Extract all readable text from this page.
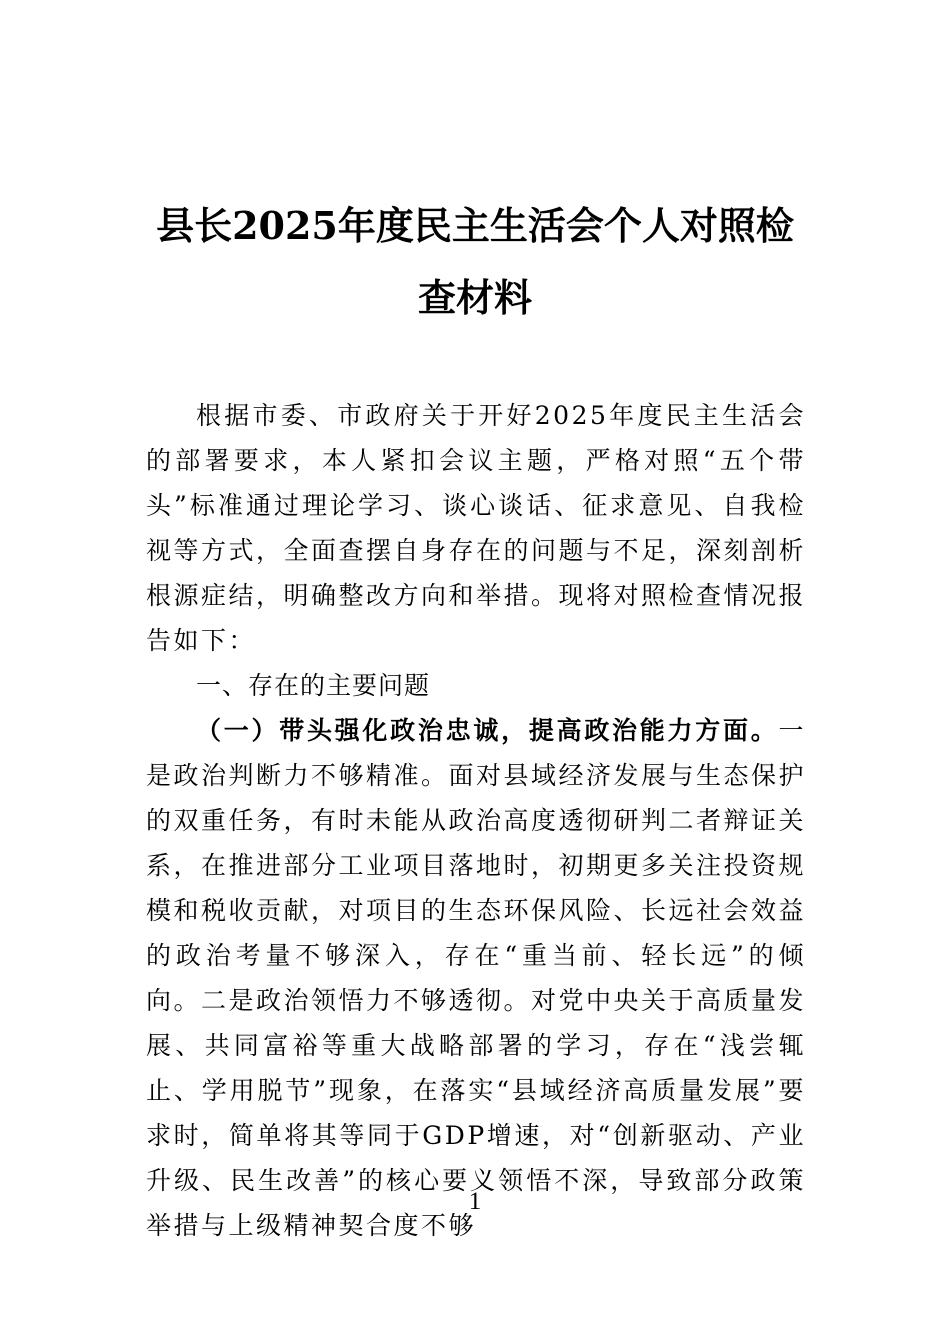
县长2025年度民主生活会个人对照检查材料

根据市委、市政府关于开好2025年度民主生活会的部署要求，本人紧扣会议主题，严格对照“五个带头”标准通过理论学习、谈心谈话、征求意见、自我检视等方式，全面查摆自身存在的问题与不足，深刻剖析根源症结，明确整改方向和举措。现将对照检查情况报告如下：

一、存在的主要问题

（一）带头强化政治忠诚，提高政治能力方面。一是政治判断力不够精准。面对县域经济发展与生态保护的双重任务，有时未能从政治高度透彻研判二者辩证关系，在推进部分工业项目落地时，初期更多关注投资规模和税收贡献，对项目的生态环保风险、长远社会效益的政治考量不够深入，存在“重当前、轻长远”的倾向。二是政治领悟力不够透彻。对党中央关于高质量发展、共同富裕等重大战略部署的学习，存在“浅尝辄止、学用脱节”现象，在落实“县域经济高质量发展”要求时，简单将其等同于GDP增速，对“创新驱动、产业升级、民生改善”的核心要义领悟不深，导致部分政策举措与上级精神契合度不够

1
